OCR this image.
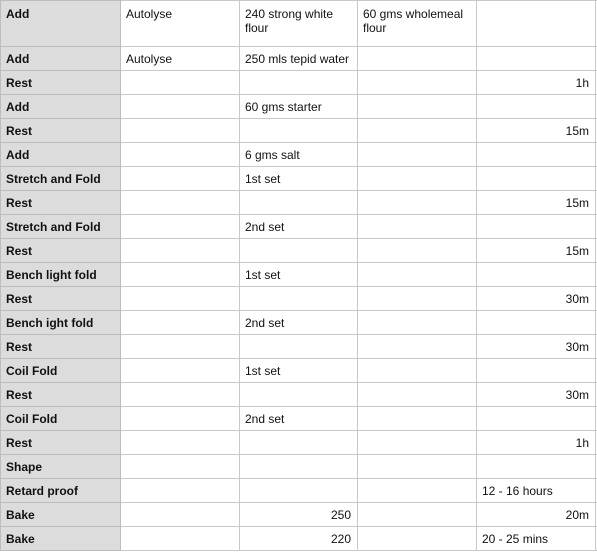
Add	Autolyse	240 strong white flour	60 gms wholemeal flour		
Add	Autolyse	250 mls tepid water			
Rest				1h	
Add		60 gms starter			
Rest				15m	
Add		6 gms salt			
Stretch and Fold		1st set			
Rest				15m	
Stretch and Fold		2nd set			
Rest				15m	
Bench light fold		1st set			
Rest				30m	
Bench ight fold		2nd set			
Rest				30m	
Coil Fold		1st set			
Rest				30m	
Coil Fold		2nd set			
Rest				1h	
Shape					
Retard proof				12 - 16 hours	
Bake		250		20m	
Bake		220		20 - 25 mins	
